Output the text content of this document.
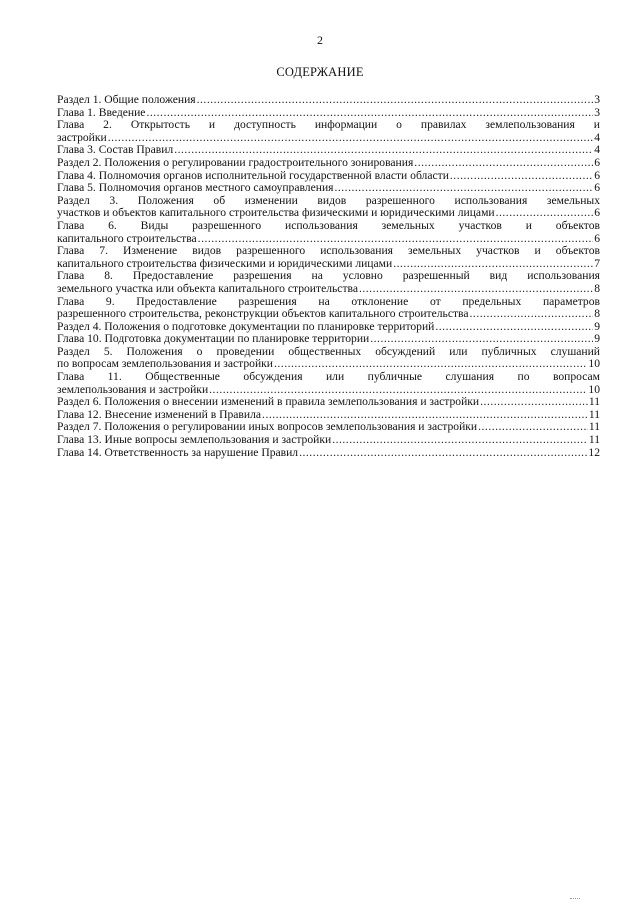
2
СОДЕРЖАНИЕ
Раздел 1. Общие положения .....	3
Глава 1. Введение .....	3
Глава 2. Открытость и доступность информации о правилах землепользования и
застройки .....	4
Глава 3. Состав Правил .....	4
Раздел 2. Положения о регулировании градостроительного зонирования .....	6
Глава 4. Полномочия органов исполнительной государственной власти области .....	6
Глава 5. Полномочия органов местного самоуправления .....	6
Раздел 3. Положения об изменении видов разрешенного использования земельных
участков и объектов капитального строительства физическими и юридическими лицами .....	6
Глава 6. Виды разрешенного использования земельных участков и объектов
капитального строительства .....	6
Глава 7. Изменение видов разрешенного использования земельных участков и объектов
капитального строительства физическими и юридическими лицами .....	7
Глава 8. Предоставление разрешения на условно разрешенный вид использования
земельного участка или объекта капитального строительства .....	8
Глава 9. Предоставление разрешения на отклонение от предельных параметров
разрешенного строительства, реконструкции объектов капитального строительства .....	8
Раздел 4. Положения о подготовке документации по планировке территорий .....	9
Глава 10. Подготовка документации по планировке территории .....	9
Раздел 5. Положения о проведении общественных обсуждений или публичных слушаний
по вопросам землепользования и застройки .....	10
Глава 11. Общественные обсуждения или публичные слушания по вопросам
землепользования и застройки .....	10
Раздел 6. Положения о внесении изменений в правила землепользования и застройки .....	11
Глава 12. Внесение изменений в Правила .....	11
Раздел 7. Положения о регулировании иных вопросов землепользования и застройки .....	11
Глава 13. Иные вопросы землепользования и застройки .....	11
Глава 14. Ответственность за нарушение Правил .....	12
